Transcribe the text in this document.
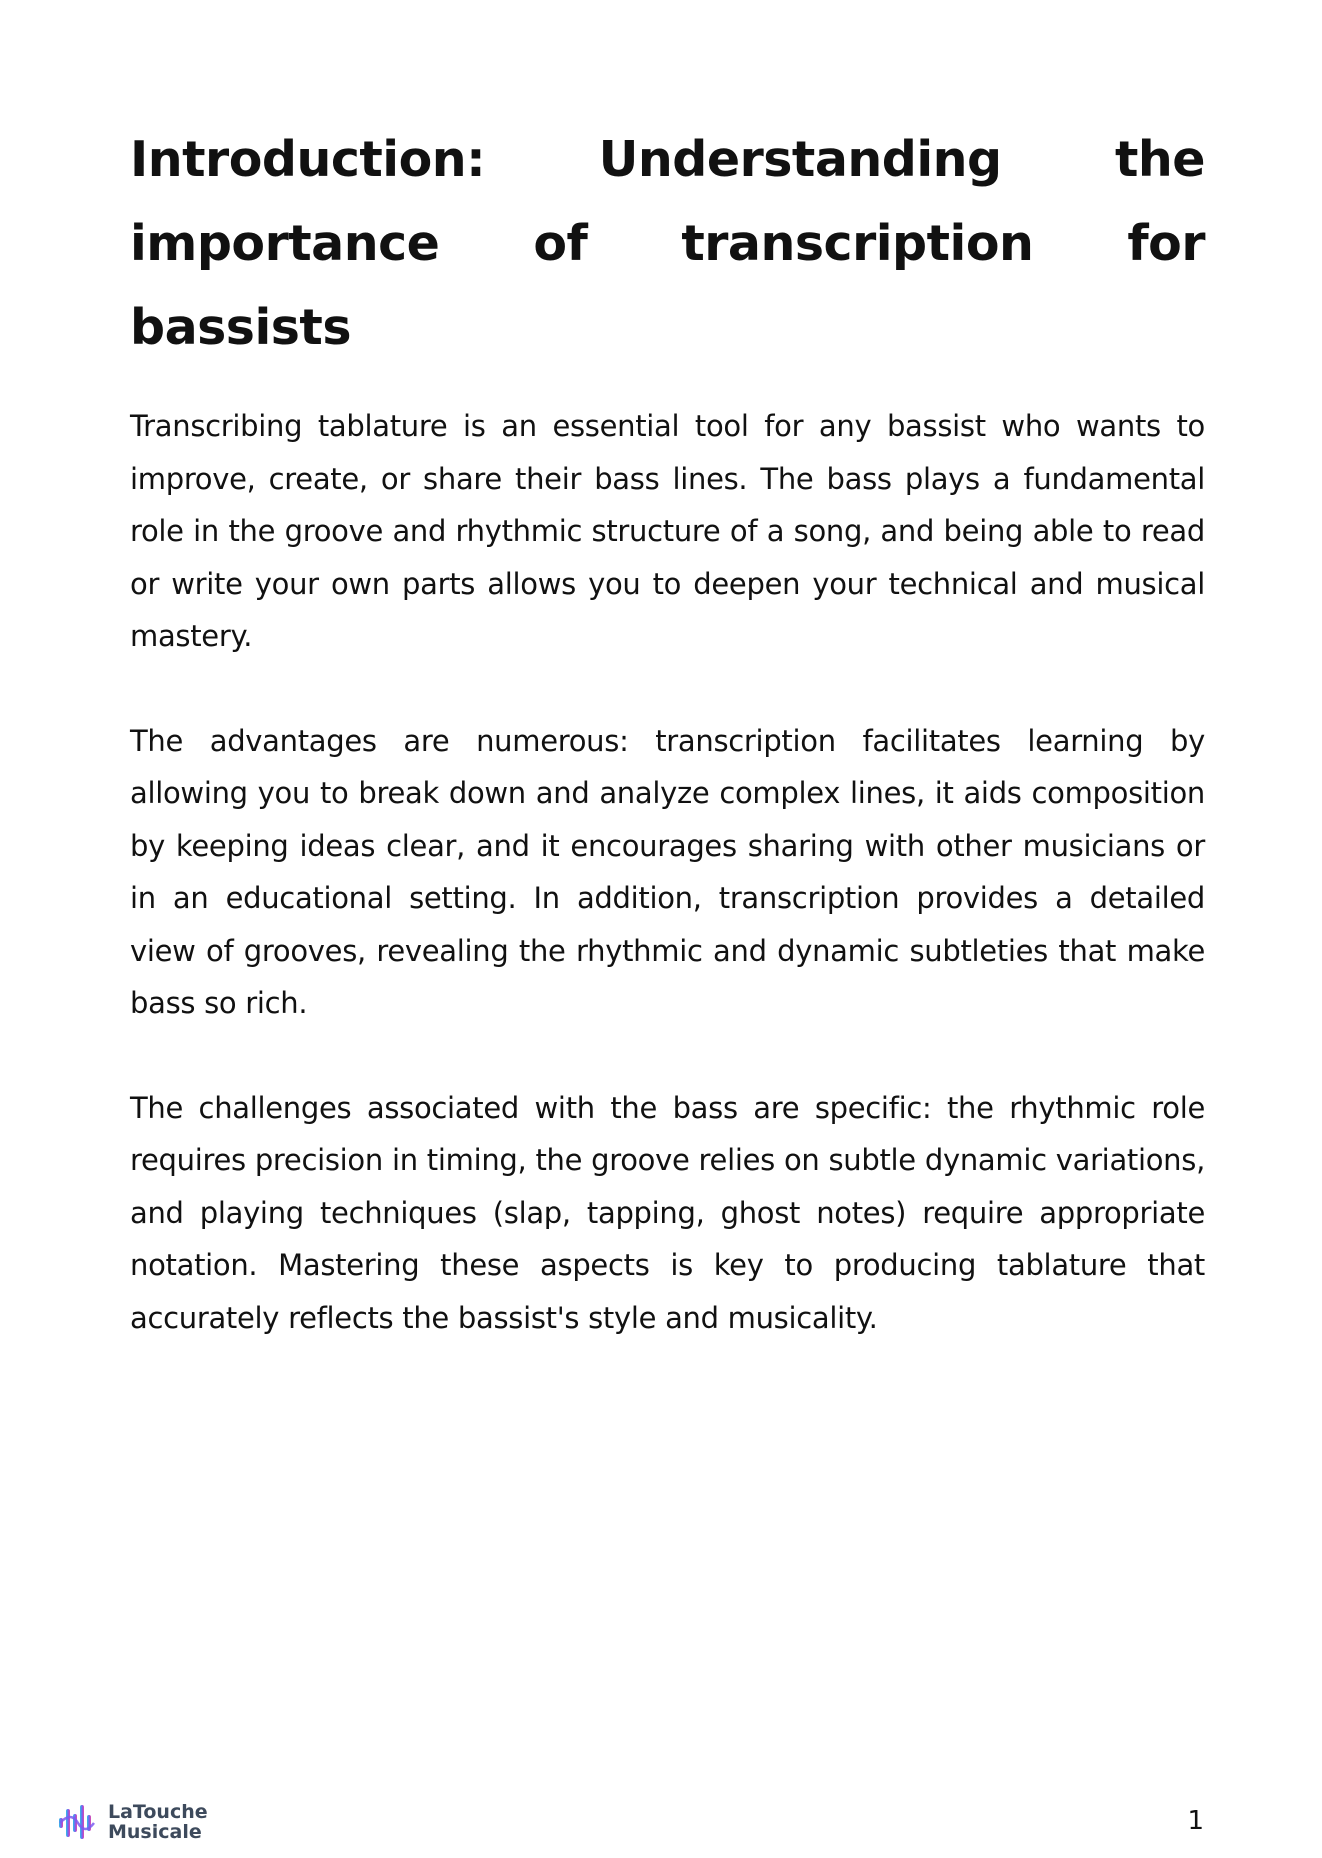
Introduction: Understanding the importance of transcription for bassists

Transcribing tablature is an essential tool for any bassist who wants to improve, create, or share their bass lines. The bass plays a fundamental role in the groove and rhythmic structure of a song, and being able to read or write your own parts allows you to deepen your technical and musical mastery.

The advantages are numerous: transcription facilitates learning by allowing you to break down and analyze complex lines, it aids composition by keeping ideas clear, and it encourages sharing with other musicians or in an educational setting. In addition, transcription provides a detailed view of grooves, revealing the rhythmic and dynamic subtleties that make bass so rich.

The challenges associated with the bass are specific: the rhythmic role requires precision in timing, the groove relies on subtle dynamic variations, and playing techniques (slap, tapping, ghost notes) require appropriate notation. Mastering these aspects is key to producing tablature that accurately reflects the bassist's style and musicality.

LaTouche
Musicale	1
